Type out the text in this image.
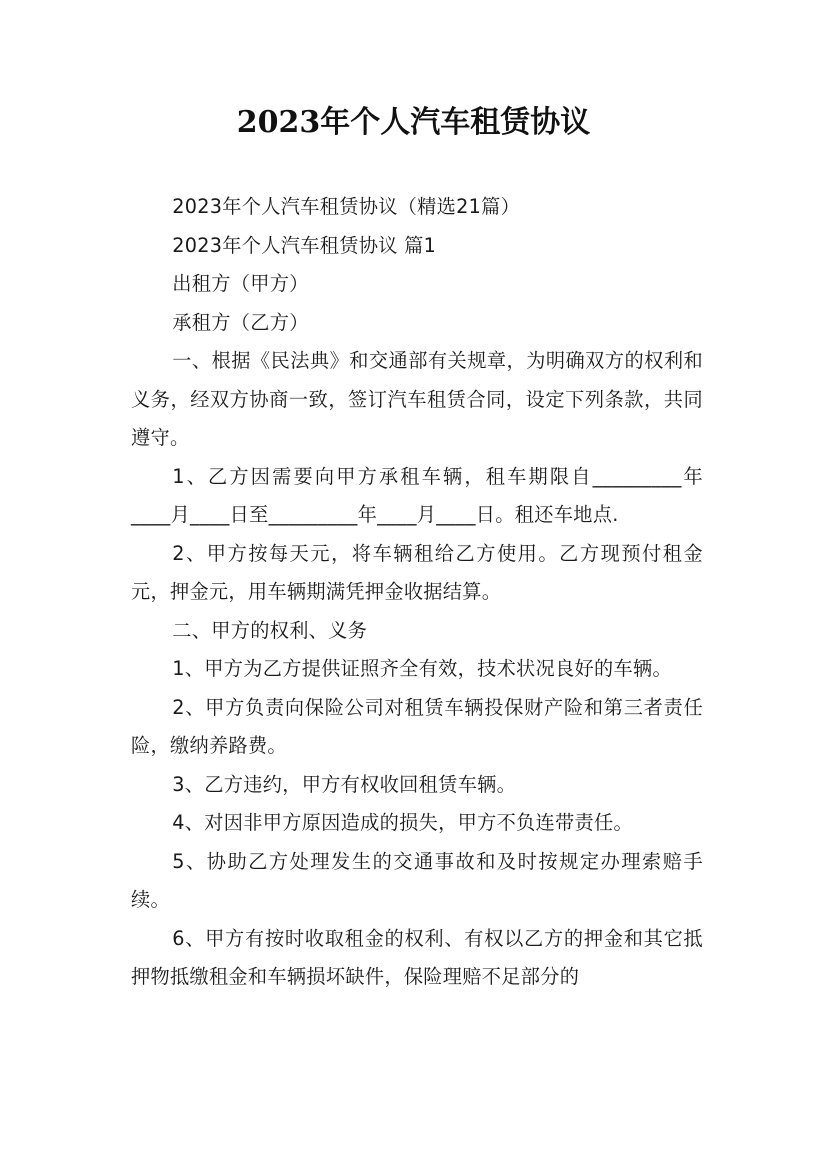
2023年个人汽车租赁协议

2023年个人汽车租赁协议（精选21篇）

2023年个人汽车租赁协议 篇1

出租方（甲方）

承租方（乙方）

一、根据《民法典》和交通部有关规章，为明确双方的权利和义务，经双方协商一致，签订汽车租赁合同，设定下列条款，共同遵守。

1、乙方因需要向甲方承租车辆，租车期限自_________年____月____日至_________年____月____日。租还车地点.

2、甲方按每天元，将车辆租给乙方使用。乙方现预付租金元，押金元，用车辆期满凭押金收据结算。

二、甲方的权利、义务

1、甲方为乙方提供证照齐全有效，技术状况良好的车辆。

2、甲方负责向保险公司对租赁车辆投保财产险和第三者责任险，缴纳养路费。

3、乙方违约，甲方有权收回租赁车辆。

4、对因非甲方原因造成的损失，甲方不负连带责任。

5、协助乙方处理发生的交通事故和及时按规定办理索赔手续。

6、甲方有按时收取租金的权利、有权以乙方的押金和其它抵押物抵缴租金和车辆损坏缺件，保险理赔不足部分的
